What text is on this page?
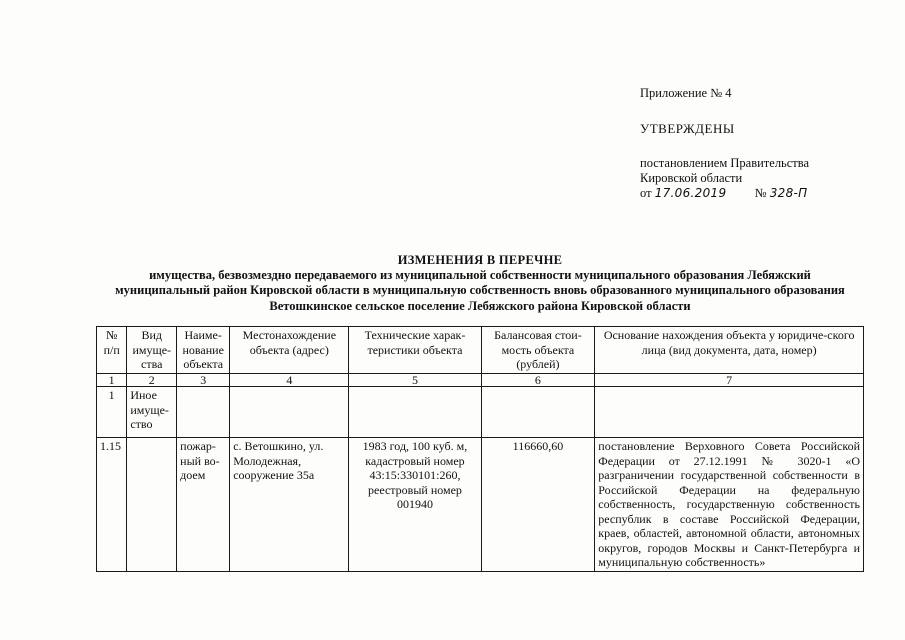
Приложение № 4
УТВЕРЖДЕНЫ
постановлением Правительства
Кировской области
от 17.06.2019 № 328-П
ИЗМЕНЕНИЯ В ПЕРЕЧНЕ
имущества, безвозмездно передаваемого из муниципальной собственности муниципального образования Лебяжский
муниципальный район Кировской области в муниципальную собственность вновь образованного муниципального образования
Ветошкинское сельское поселение Лебяжского района Кировской области
№ п/п	Вид имуще-ства	Наиме-нование объекта	Местонахождение объекта (адрес)	Технические харак-теристики объекта	Балансовая стои-мость объекта (рублей)	Основание нахождения объекта у юридиче-ского лица (вид документа, дата, номер)
1	2	3	4	5	6	7
1	Иное имуще-ство					
1.15		пожар-ный во-доем	с. Ветошкино, ул. Молодежная, сооружение 35а	1983 год, 100 куб. м, кадастровый номер 43:15:330101:260, реестровый номер 001940	116660,60	постановление Верховного Совета Российской Федерации от 27.12.1991 № 3020-1 «О разграничении государственной собственности в Российской Федерации на федеральную собственность, государственную собственность республик в составе Российской Федерации, краев, областей, автономной области, автономных округов, городов Москвы и Санкт-Петербурга и муниципальную собственность»
